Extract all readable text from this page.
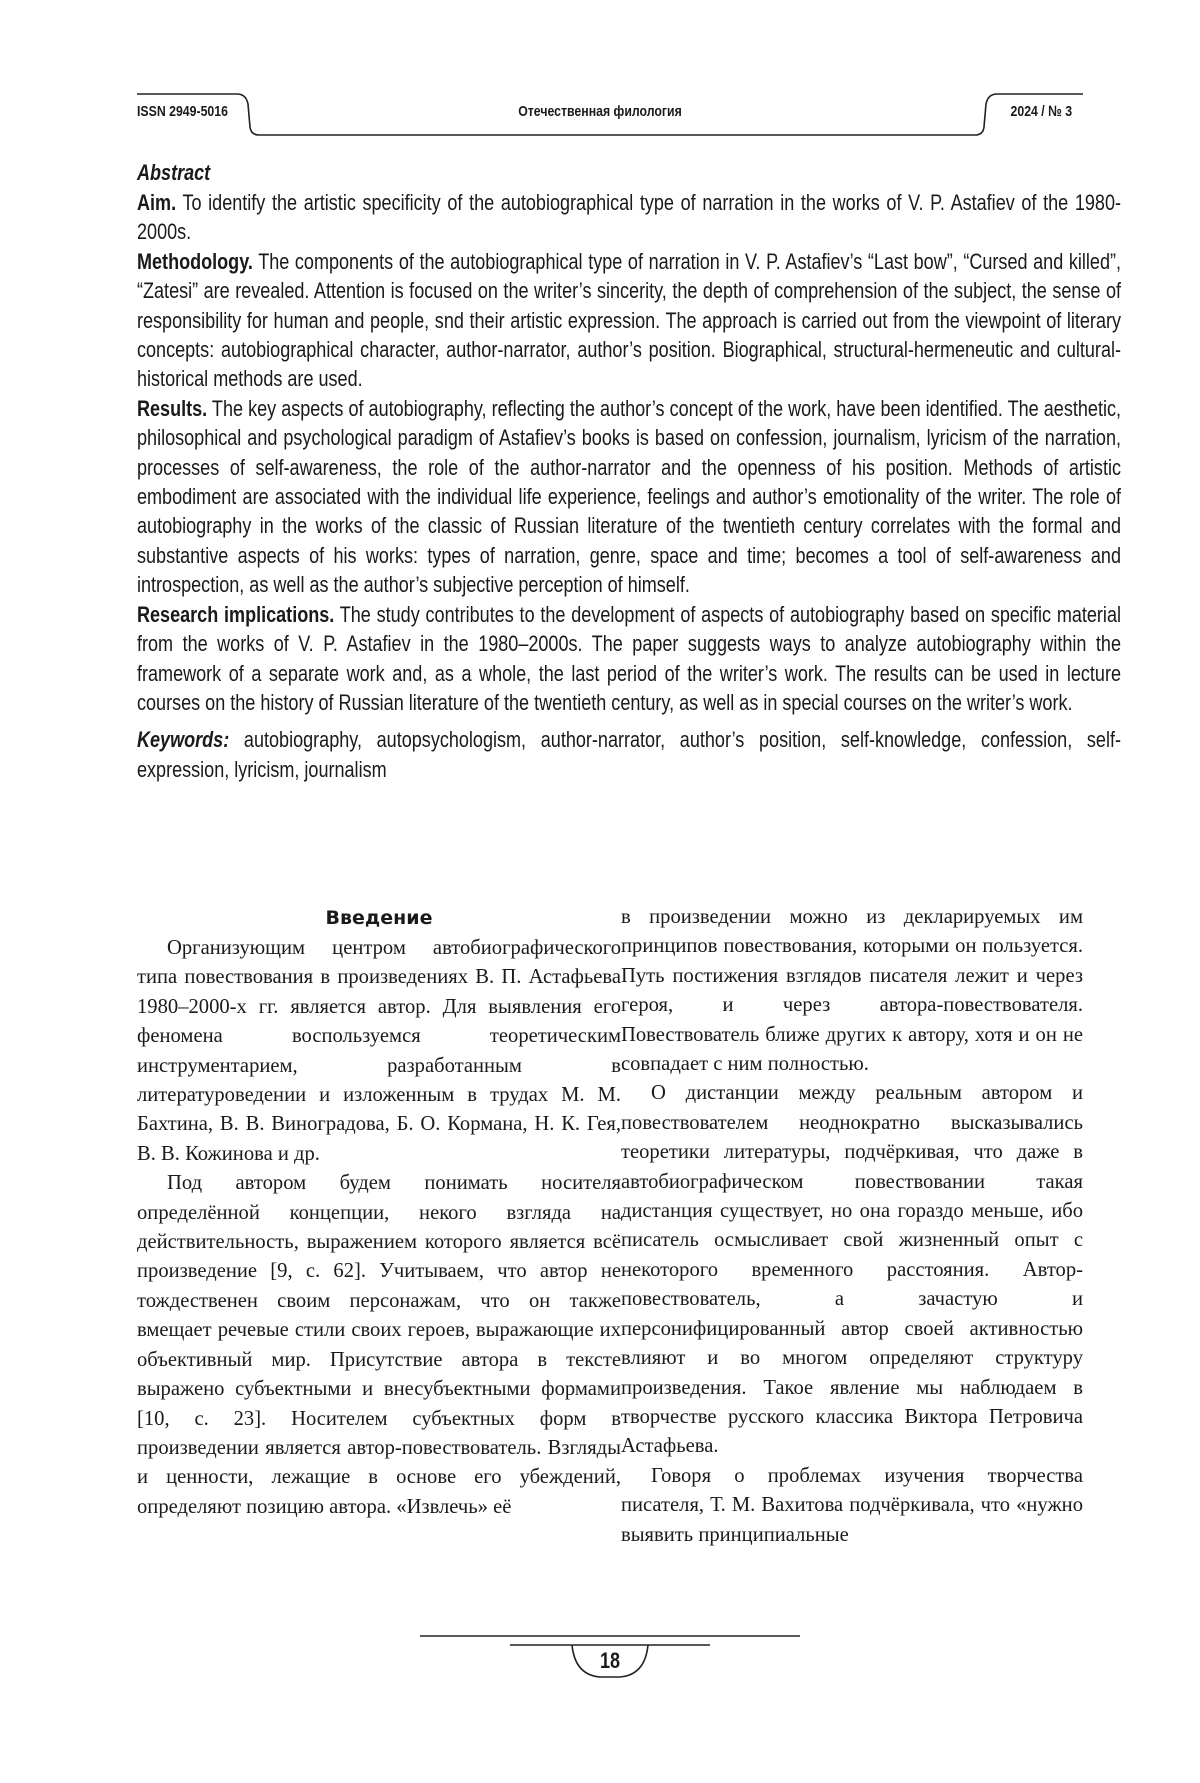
ISSN 2949-5016	Отечественная филология	2024 / № 3

Abstract

Aim. To identify the artistic specificity of the autobiographical type of narration in the works of V. P. Astafiev of the 1980-2000s.

Methodology. The components of the autobiographical type of narration in V. P. Astafiev’s “Last bow”, “Cursed and killed”, “Zatesi” are revealed. Attention is focused on the writer’s sincerity, the depth of comprehension of the subject, the sense of responsibility for human and people, snd their artistic expression. The approach is carried out from the viewpoint of literary concepts: autobiographical character, author-narrator, author’s position. Biographical, structural-hermeneutic and cultural-historical methods are used.

Results. The key aspects of autobiography, reflecting the author’s concept of the work, have been identified. The aesthetic, philosophical and psychological paradigm of Astafiev’s books is based on confession, journalism, lyricism of the narration, processes of self-awareness, the role of the author-narrator and the openness of his position. Methods of artistic embodiment are associated with the individual life experience, feelings and author’s emotionality of the writer. The role of autobiography in the works of the classic of Russian literature of the twentieth century correlates with the formal and substantive aspects of his works: types of narration, genre, space and time; becomes a tool of self-awareness and introspection, as well as the author’s subjective perception of himself.

Research implications. The study contributes to the development of aspects of autobiography based on specific material from the works of V. P. Astafiev in the 1980–2000s. The paper suggests ways to analyze autobiography within the framework of a separate work and, as a whole, the last period of the writer’s work. The results can be used in lecture courses on the history of Russian literature of the twentieth century, as well as in special courses on the writer’s work.

Keywords: autobiography, autopsychologism, author-narrator, author’s position, self-knowledge, confession, self-expression, lyricism, journalism

Введение

Организующим центром автобиографического типа повествования в произведениях В. П. Астафьева 1980–2000-х гг. является автор. Для выявления его феномена воспользуемся теоретическим инструментарием, разработанным в литературоведении и изложенным в трудах М. М. Бахтина, В. В. Виноградова, Б. О. Кормана, Н. К. Гея, В. В. Кожинова и др.

Под автором будем понимать носителя определённой концепции, некого взгляда на действительность, выражением которого является всё произведение [9, с. 62]. Учитываем, что автор не тождественен своим персонажам, что он также вмещает речевые стили своих героев, выражающие их объективный мир. Присутствие автора в тексте выражено субъектными и внесубъектными формами [10, с. 23]. Носителем субъектных форм в произведении является автор-повествователь. Взгляды и ценности, лежащие в основе его убеждений, определяют позицию автора. «Извлечь» её

в произведении можно из декларируемых им принципов повествования, которыми он пользуется. Путь постижения взглядов писателя лежит и через героя, и через автора-повествователя. Повествователь ближе других к автору, хотя и он не совпадает с ним полностью.

О дистанции между реальным автором и повествователем неоднократно высказывались теоретики литературы, подчёркивая, что даже в автобиографическом повествовании такая дистанция существует, но она гораздо меньше, ибо писатель осмысливает свой жизненный опыт с некоторого временного расстояния. Автор-повествователь, а зачастую и персонифицированный автор своей активностью влияют и во многом определяют структуру произведения. Такое явление мы наблюдаем в творчестве русского классика Виктора Петровича Астафьева.

Говоря о проблемах изучения творчества писателя, Т. М. Вахитова подчёркивала, что «нужно выявить принципиальные

18
